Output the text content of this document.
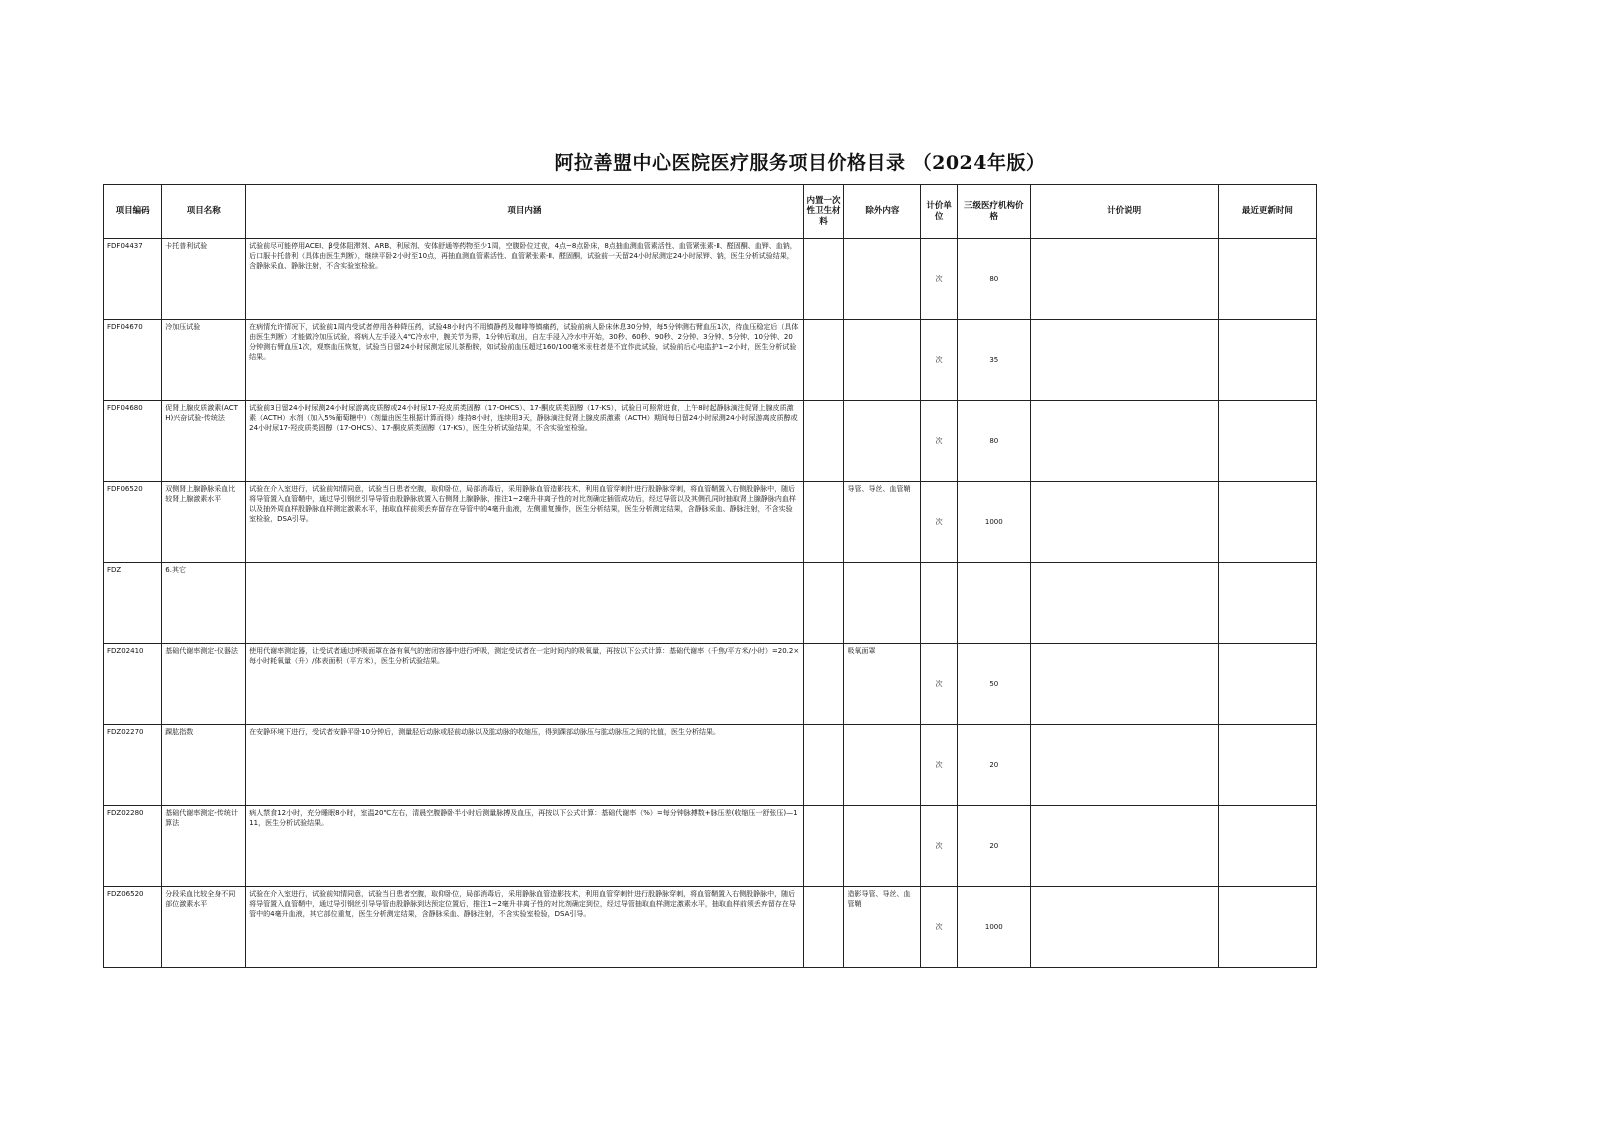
阿拉善盟中心医院医疗服务项目价格目录 （2024年版）
项目编码	项目名称	项目内涵	内置一次性卫生材料	除外内容	计价单位	三级医疗机构价格	计价说明	最近更新时间
FDF04437	卡托普利试验	试验前尽可能停用ACEI、β受体阻滞剂、ARB、利尿剂、安体舒通等药物至少1周，空腹卧位过夜，4点~8点卧床，8点抽血测血管素活性、血管紧张素-Ⅱ、醛固酮、血钾、血钠，后口服卡托普利（具体由医生判断），继续平卧2小时至10点，再抽血测血管素活性、血管紧张素-Ⅱ、醛固酮，试验前一天留24小时尿测定24小时尿钾、钠，医生分析试验结果，含静脉采血、静脉注射，不含实验室检验。			次	80		
FDF04670	冷加压试验	在病情允许情况下，试验前1周内受试者停用各种降压药，试验48小时内不用镇静药及咖啡等镇痛药，试验前病人卧床休息30分钟，每5分钟测右臂血压1次，待血压稳定后（具体由医生判断）才能做冷加压试验，将病人左手浸入4℃冷水中，腕关节为界，1分钟后取出，自左手浸入冷水中开始，30秒、60秒、90秒、2分钟、3分钟、5分钟、10分钟、20分钟测右臂血压1次，观察血压恢复，试验当日留24小时尿测定尿儿茶酚胺，如试验前血压超过160/100毫米汞柱者是不宜作此试验，试验前后心电监护1~2小时，医生分析试验结果。			次	35		
FDF04680	促肾上腺皮质激素(ACTH)兴奋试验-传统法	试验前3日留24小时尿测24小时尿游离皮质醇或24小时尿17-羟皮质类固醇（17-OHCS）、17-酮皮质类固醇（17-KS），试验日可照常进食，上午8时起静脉滴注促肾上腺皮质激素（ACTH）水剂（加入5%葡萄糖中）（剂量由医生根据计算而得）维持8小时，连续用3天，静脉滴注促肾上腺皮质激素（ACTH）期间每日留24小时尿测24小时尿游离皮质醇或24小时尿17-羟皮质类固醇（17-OHCS）、17-酮皮质类固醇（17-KS），医生分析试验结果，不含实验室检验。			次	80		
FDF06520	双侧肾上腺静脉采血比较肾上腺激素水平	试验在介入室进行，试验前知情同意，试验当日患者空腹，取仰卧位，局部消毒后，采用静脉血管造影技术，利用血管穿刺针进行股静脉穿刺，将血管鞘置入右侧股静脉中，随后将导管置入血管鞘中，通过导引钢丝引导导管由股静脉放置入右侧肾上腺静脉，推注1~2毫升非离子性的对比剂确定插管成功后，经过导管以及其侧孔同时抽取肾上腺静脉内血样以及抽外周血样股静脉血样测定激素水平，抽取血样前须丢弃留存在导管中的4毫升血液，左侧重复操作，医生分析结果，医生分析测定结果，含静脉采血、静脉注射，不含实验室检验，DSA引导。		导管、导丝、血管鞘	次	1000		
FDZ	6.其它							
FDZ02410	基础代谢率测定-仪器法	使用代谢率测定器，让受试者通过呼吸面罩在备有氧气的密闭容器中进行呼吸，测定受试者在一定时间内的吸氧量，再按以下公式计算：基础代谢率（千焦/平方米/小时）=20.2×每小时耗氧量（升）/体表面积（平方米），医生分析试验结果。		吸氧面罩	次	50		
FDZ02270	踝肱指数	在安静环境下进行，受试者安静平卧10分钟后，测量胫后动脉或胫前动脉以及肱动脉的收缩压，得到踝部动脉压与肱动脉压之间的比值，医生分析结果。			次	20		
FDZ02280	基础代谢率测定-传统计算法	病人禁食12小时，充分睡眠8小时，室温20℃左右，清晨空腹静卧半小时后测量脉搏及血压，再按以下公式计算：基础代谢率（%）=每分钟脉搏数+脉压差(收缩压一舒张压)—111，医生分析试验结果。			次	20		
FDZ06520	分段采血比较全身不同部位激素水平	试验在介入室进行，试验前知情同意，试验当日患者空腹，取仰卧位，局部消毒后，采用静脉血管造影技术，利用血管穿刺针进行股静脉穿刺，将血管鞘置入右侧股静脉中，随后将导管置入血管鞘中，通过导引钢丝引导导管由股静脉到达预定位置后，推注1~2毫升非离子性的对比剂确定到位，经过导管抽取血样测定激素水平，抽取血样前须丢弃留存在导管中的4毫升血液，其它部位重复，医生分析测定结果，含静脉采血、静脉注射，不含实验室检验，DSA引导。		造影导管、导丝、血管鞘	次	1000		
